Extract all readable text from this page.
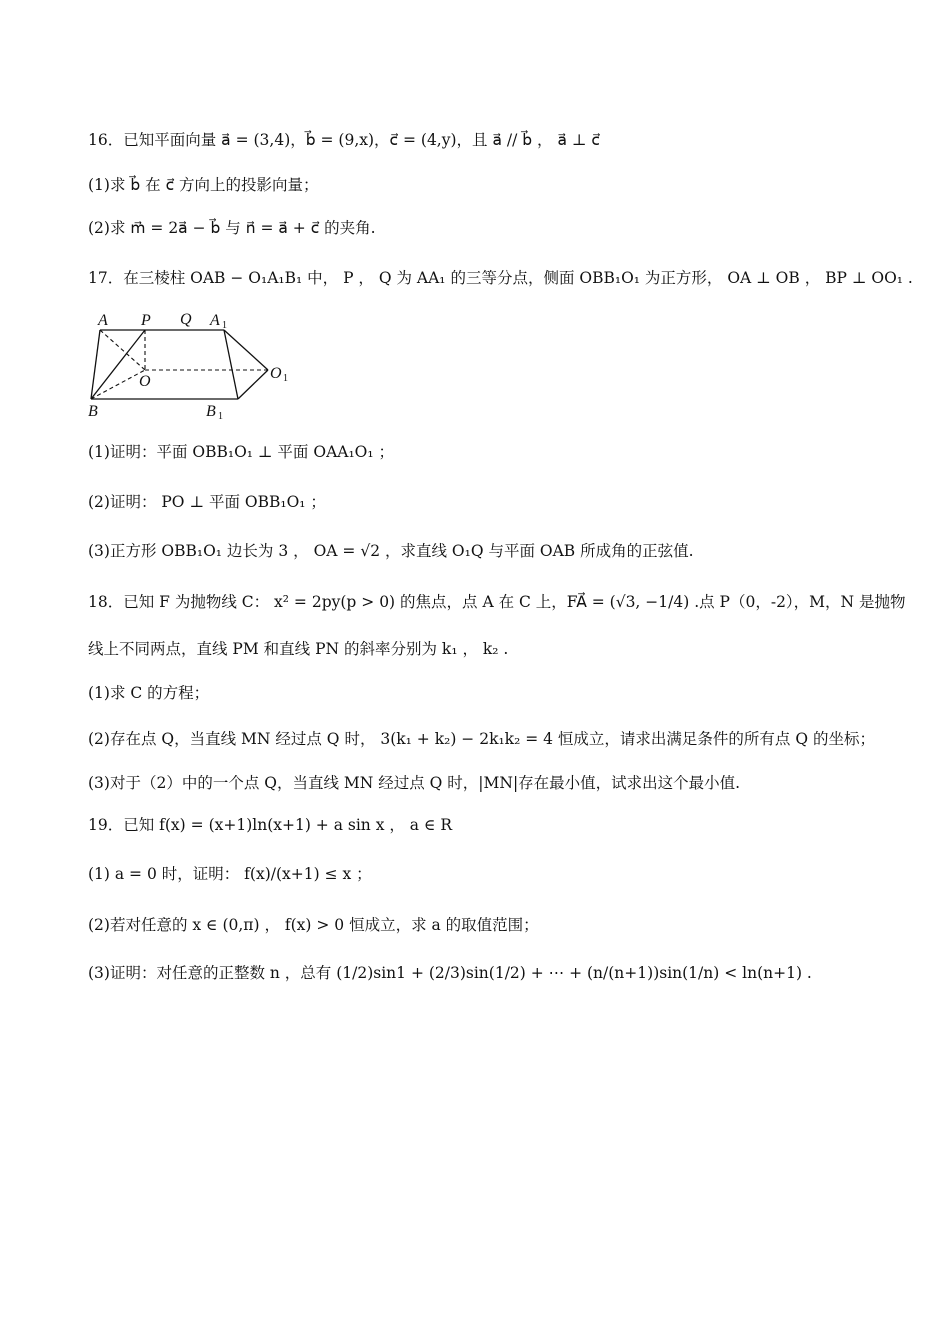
16．已知平面向量 a⃗ = (3,4)，b⃗ = (9,x)，c⃗ = (4,y)，且 a⃗ // b⃗ ， a⃗ ⊥ c⃗
(1)求 b⃗ 在 c⃗ 方向上的投影向量；
(2)求 m⃗ = 2a⃗ − b⃗ 与 n⃗ = a⃗ + c⃗ 的夹角.
17．在三棱柱 OAB − O₁A₁B₁ 中， P ， Q 为 AA₁ 的三等分点，侧面 OBB₁O₁ 为正方形， OA ⊥ OB ， BP ⊥ OO₁ .
A P Q A 1
O	O 1
B	B 1
(1)证明：平面 OBB₁O₁ ⊥ 平面 OAA₁O₁ ；
(2)证明： PO ⊥ 平面 OBB₁O₁ ；
(3)正方形 OBB₁O₁ 边长为 3 ， OA = √2 ，求直线 O₁Q 与平面 OAB 所成角的正弦值.
18．已知 F 为抛物线 C： x² = 2py(p > 0) 的焦点，点 A 在 C 上，FA⃗ = (√3, −1/4) .点 P（0，-2），M，N 是抛物
线上不同两点，直线 PM 和直线 PN 的斜率分别为 k₁ ， k₂ .
(1)求 C 的方程；
(2)存在点 Q，当直线 MN 经过点 Q 时， 3(k₁ + k₂) − 2k₁k₂ = 4 恒成立，请求出满足条件的所有点 Q 的坐标；
(3)对于（2）中的一个点 Q，当直线 MN 经过点 Q 时，|MN|存在最小值，试求出这个最小值.
19．已知 f(x) = (x+1)ln(x+1) + a sin x ， a ∈ R
(1) a = 0 时，证明： f(x)/(x+1) ≤ x ；
(2)若对任意的 x ∈ (0,π) ， f(x) > 0 恒成立，求 a 的取值范围；
(3)证明：对任意的正整数 n ，总有 (1/2)sin1 + (2/3)sin(1/2) + ⋯ + (n/(n+1))sin(1/n) < ln(n+1) .
